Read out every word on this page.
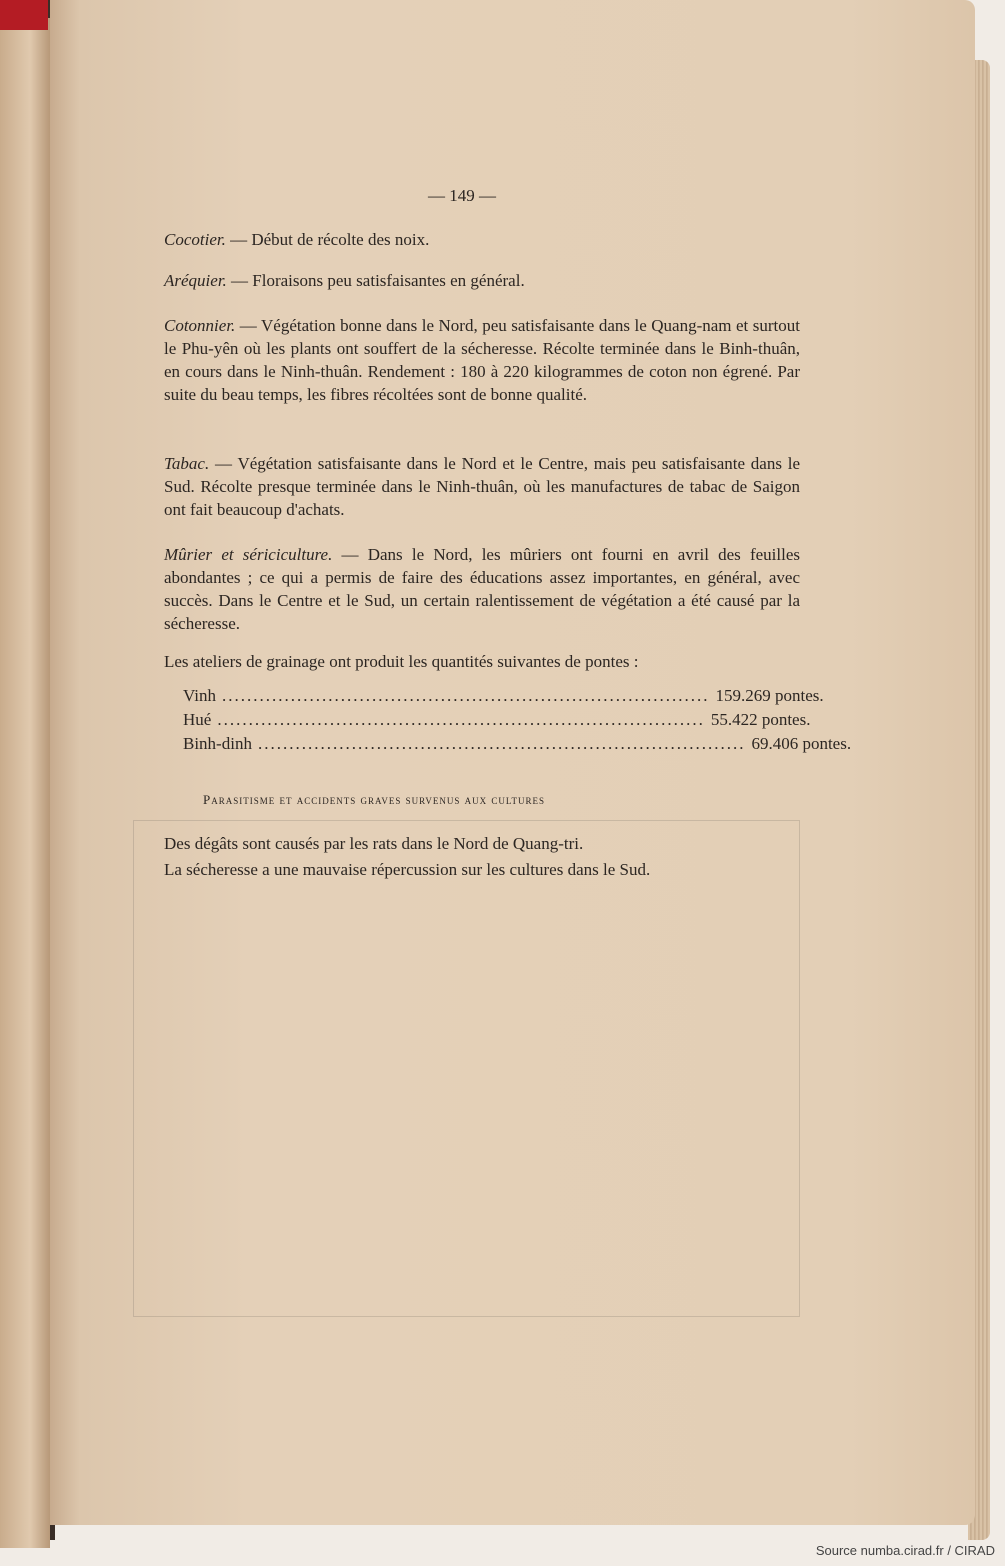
— 149 —
Cocotier. — Début de récolte des noix.
Aréquier. — Floraisons peu satisfaisantes en général.
Cotonnier. — Végétation bonne dans le Nord, peu satisfaisante dans le Quang-nam et surtout le Phu-yên où les plants ont souffert de la sécheresse. Récolte terminée dans le Binh-thuân, en cours dans le Ninh-thuân. Rendement : 180 à 220 kilogrammes de coton non égrené. Par suite du beau temps, les fibres récoltées sont de bonne qualité.
Tabac. — Végétation satisfaisante dans le Nord et le Centre, mais peu satisfaisante dans le Sud. Récolte presque terminée dans le Ninh-thuân, où les manufactures de tabac de Saigon ont fait beaucoup d'achats.
Mûrier et sériciculture. — Dans le Nord, les mûriers ont fourni en avril des feuilles abondantes ; ce qui a permis de faire des éducations assez importantes, en général, avec succès. Dans le Centre et le Sud, un certain ralentissement de végétation a été causé par la sécheresse.
Les ateliers de grainage ont produit les quantités suivantes de pontes :
Vinh .............................................................................. 159.269 pontes.
Hué .............................................................................. 55.422 pontes.
Binh-dinh .............................................................................. 69.406 pontes.
Parasitisme et accidents graves survenus aux cultures
Des dégâts sont causés par les rats dans le Nord de Quang-tri.
La sécheresse a une mauvaise répercussion sur les cultures dans le Sud.
Source numba.cirad.fr / CIRAD
